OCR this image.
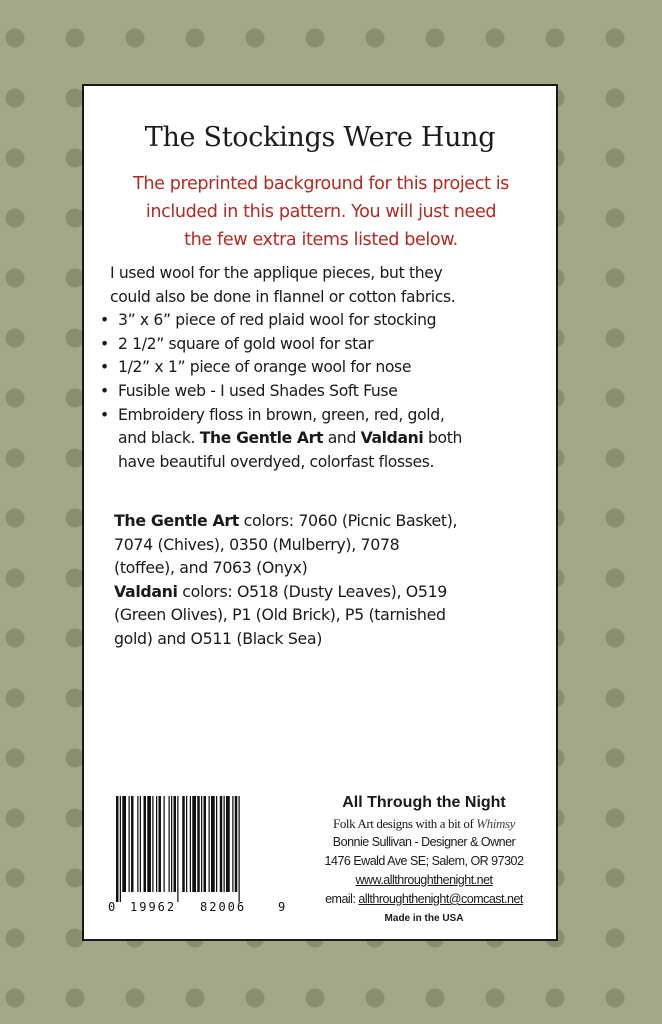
The Stockings Were Hung
The preprinted background for this project is
included in this pattern. You will just need
the few extra items listed below.
I used wool for the applique pieces, but they
could also be done in flannel or cotton fabrics.
• 3” x 6” piece of red plaid wool for stocking
• 2 1/2” square of gold wool for star
• 1/2” x 1” piece of orange wool for nose
• Fusible web - I used Shades Soft Fuse
• Embroidery floss in brown, green, red, gold,
and black. The Gentle Art and Valdani both
have beautiful overdyed, colorfast flosses.

The Gentle Art colors: 7060 (Picnic Basket),

7074 (Chives), 0350 (Mulberry), 7078

(toffee), and 7063 (Onyx)

Valdani colors: O518 (Dusty Leaves), O519

(Green Olives), P1 (Old Brick), P5 (tarnished

gold) and O511 (Black Sea)

0 19962 82006	9
All Through the Night
Folk Art designs with a bit of Whimsy
Bonnie Sullivan - Designer & Owner
1476 Ewald Ave SE; Salem, OR 97302
www.allthroughthenight.net
email: allthroughthenight@comcast.net
Made in the USA
